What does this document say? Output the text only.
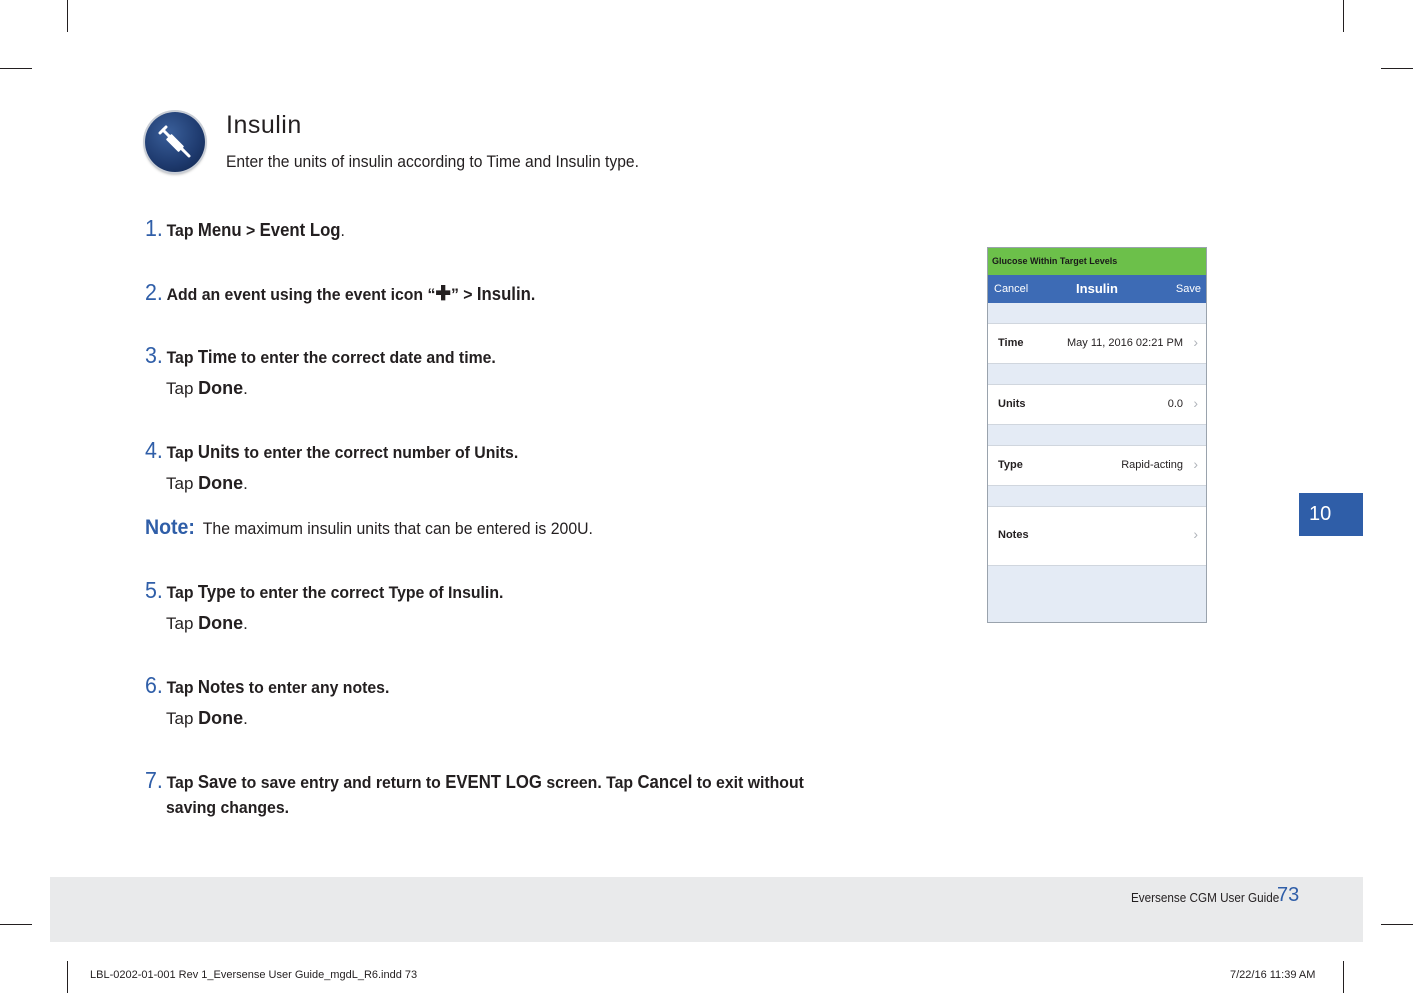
Insulin
Enter the units of insulin according to Time and Insulin type.
1. Tap Menu > Event Log.
2. Add an event using the event icon “✚” > Insulin.
3. Tap Time to enter the correct date and time.
Tap Done.
4. Tap Units to enter the correct number of Units.
Tap Done.
Note: The maximum insulin units that can be entered is 200U.
5. Tap Type to enter the correct Type of Insulin.
Tap Done.
6. Tap Notes to enter any notes.
Tap Done.
7. Tap Save to save entry and return to EVENT LOG screen. Tap Cancel to exit without
saving changes.
Glucose Within Target Levels
Cancel	Insulin	Save
Time	May 11, 2016 02:21 PM ›
Units	0.0 ›
Type	Rapid-acting ›
Notes	›
10
Eversense CGM User Guide
73
LBL-0202-01-001 Rev 1_Eversense User Guide_mgdL_R6.indd 73	7/22/16 11:39 AM
